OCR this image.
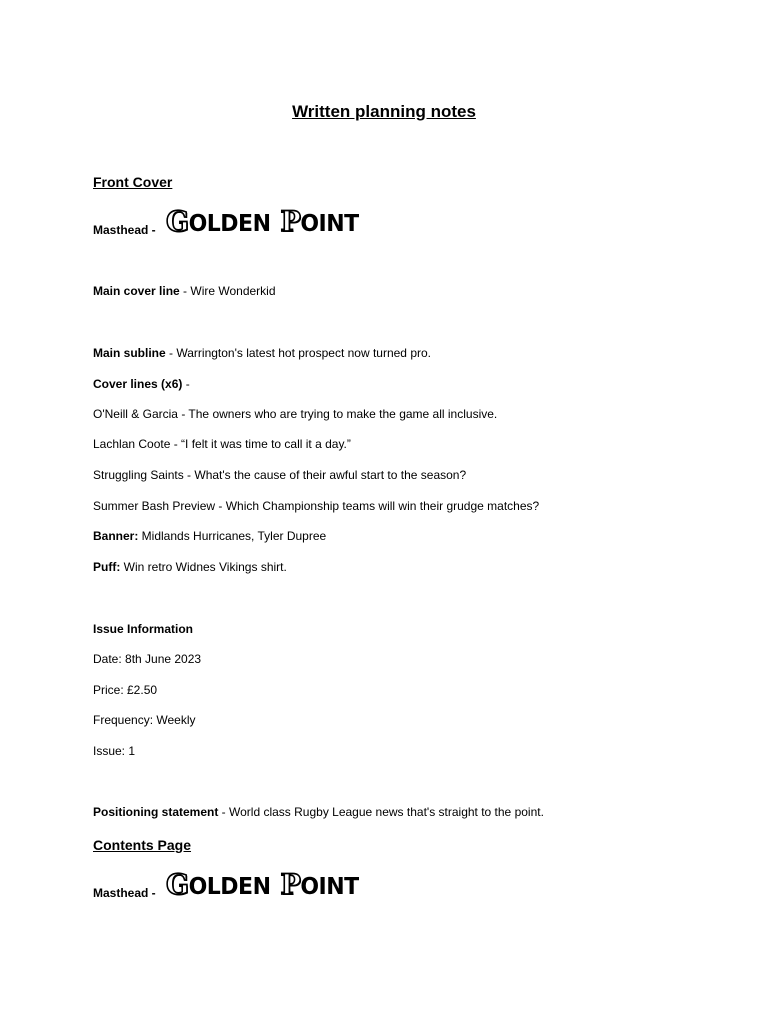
Written planning notes
Front Cover
Masthead - GOLDEN POINT
Main cover line - Wire Wonderkid
Main subline - Warrington's latest hot prospect now turned pro.
Cover lines (x6) -
O'Neill & Garcia - The owners who are trying to make the game all inclusive.
Lachlan Coote - “I felt it was time to call it a day.”
Struggling Saints - What's the cause of their awful start to the season?
Summer Bash Preview - Which Championship teams will win their grudge matches?
Banner: Midlands Hurricanes, Tyler Dupree
Puff: Win retro Widnes Vikings shirt.
Issue Information
Date: 8th June 2023
Price: £2.50
Frequency: Weekly
Issue: 1
Positioning statement - World class Rugby League news that's straight to the point.
Contents Page
Masthead - GOLDEN POINT
